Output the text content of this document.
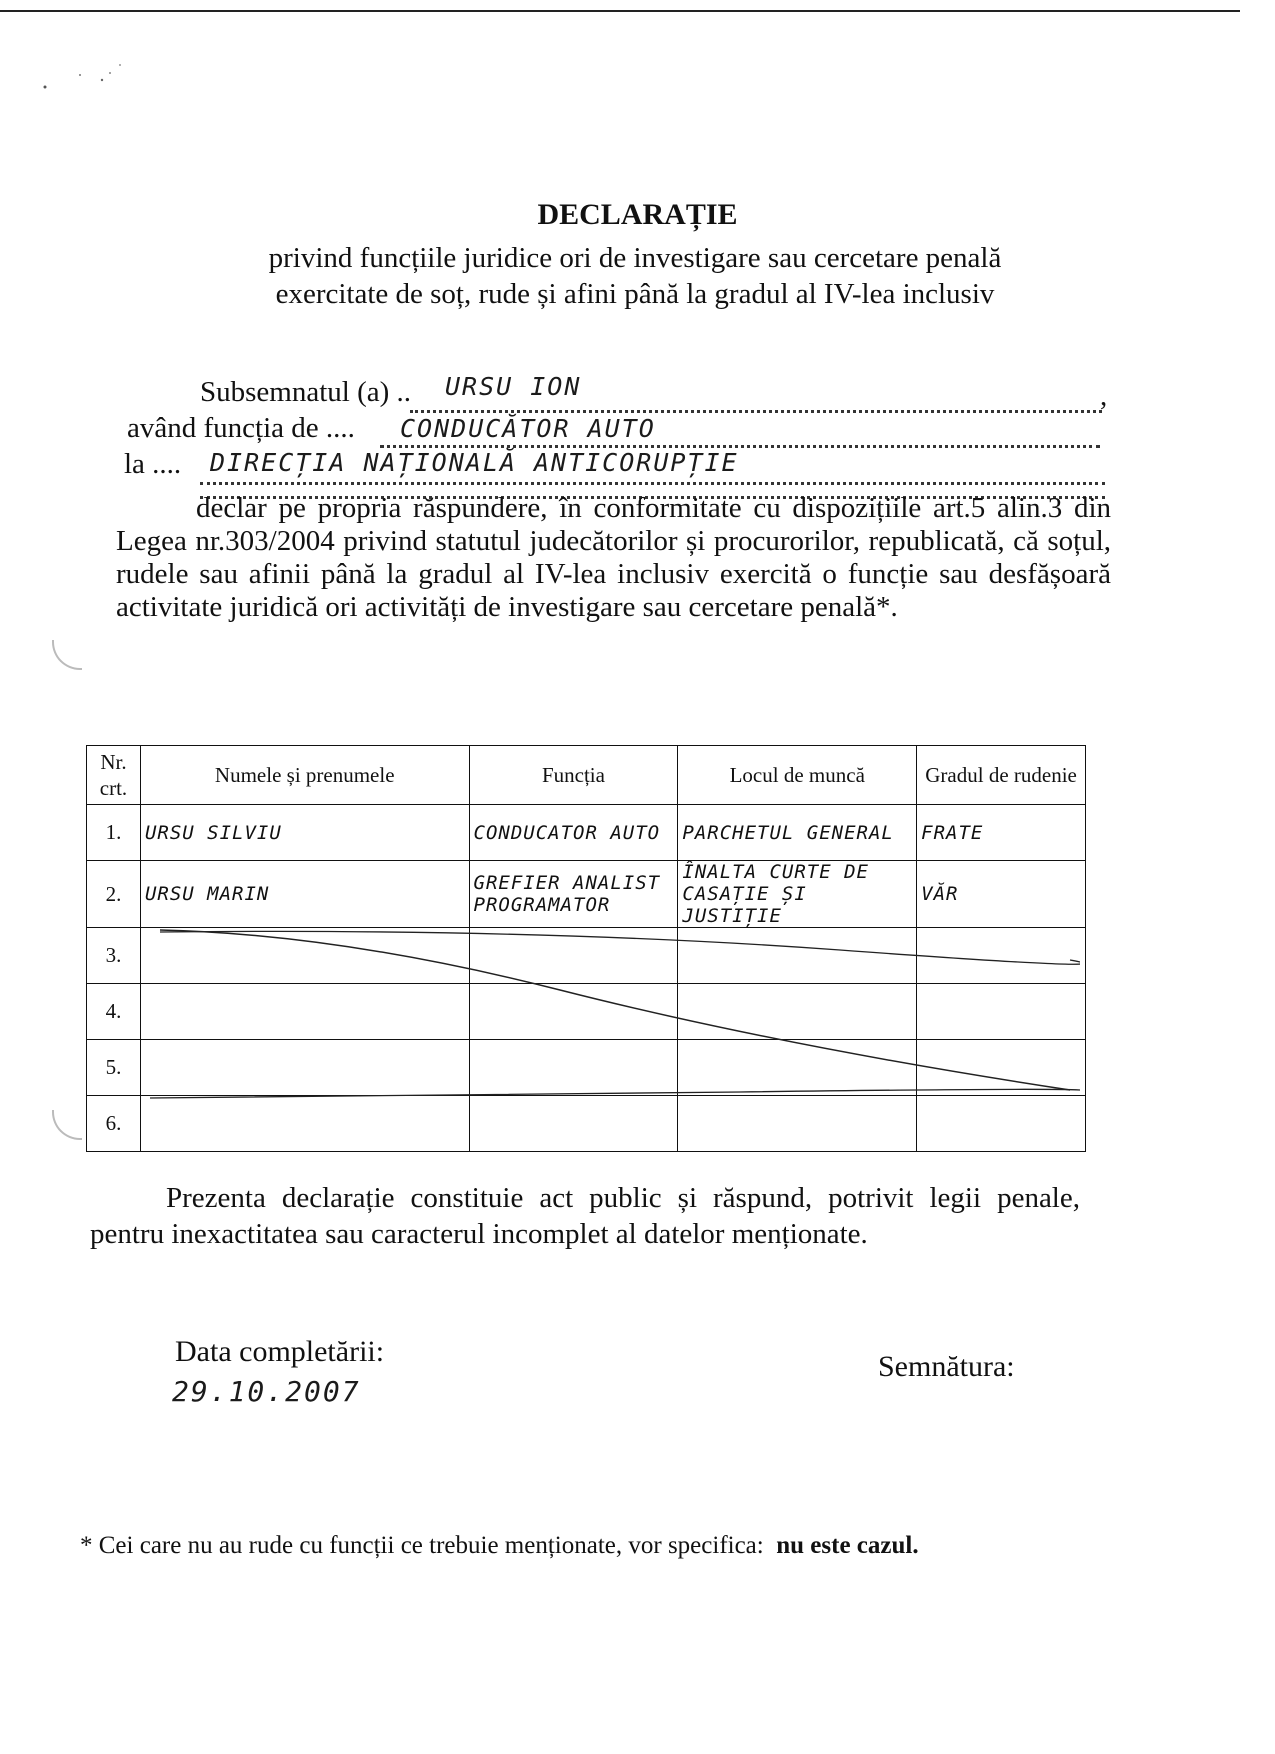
DECLARAȚIE
privind funcțiile juridice ori de investigare sau cercetare penală
exercitate de soț, rude și afini până la gradul al IV-lea inclusiv
Subsemnatul (a) ..	,
URSU ION
având funcția de .... CONDUCĂTOR AUTO
la .... DIRECȚIA NAȚIONALĂ ANTICORUPȚIE
declar pe propria răspundere, în conformitate cu dispozițiile art.5 alin.3 din Legea nr.303/2004 privind statutul judecătorilor și procurorilor, republicată, că soțul, rudele sau afinii până la gradul al IV-lea inclusiv exercită o funcție sau desfășoară activitate juridică ori activități de investigare sau cercetare penală*.
Nr. crt.	Numele și prenumele	Funcția	Locul de muncă	Gradul de rudenie
1.	URSU SILVIU	CONDUCATOR AUTO	PARCHETUL GENERAL	FRATE
2.	URSU MARIN	GREFIER ANALIST PROGRAMATOR	ÎNALTA CURTE DE CASAȚIE ȘI JUSTIȚIE	VĂR
3.				
4.				
5.				
6.				
Prezenta declarație constituie act public și răspund, potrivit legii penale, pentru inexactitatea sau caracterul incomplet al datelor menționate.
Data completării:
29.10.2007
Semnătura:
* Cei care nu au rude cu funcții ce trebuie menționate, vor specifica: nu este cazul.
